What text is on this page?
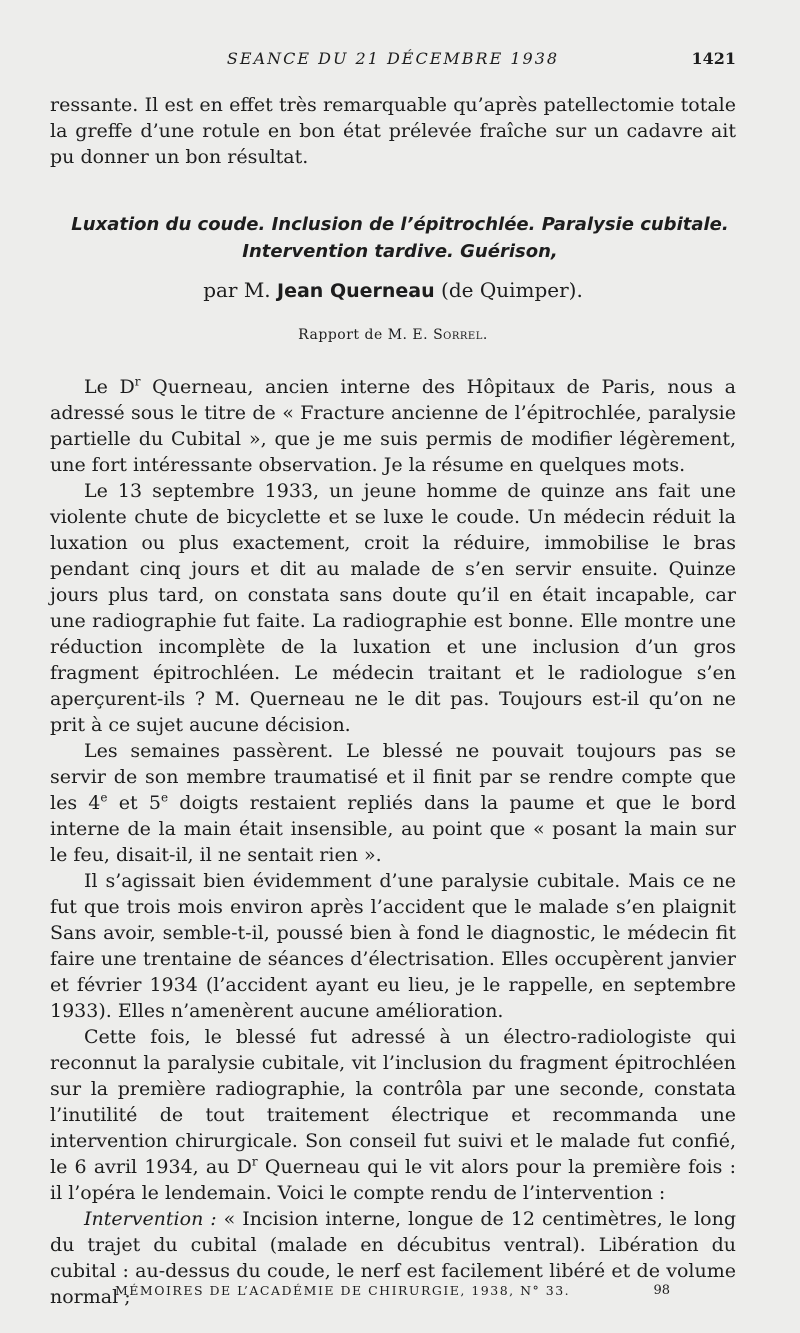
SEANCE DU 21 DÉCEMBRE 1938	1421

ressante. Il est en effet très remarquable qu’après patellectomie totale la greffe d’une rotule en bon état prélevée fraîche sur un cadavre ait pu donner un bon résultat.

Luxation du coude. Inclusion de l’épitrochlée. Paralysie cubitale.
Intervention tardive. Guérison,

par M. Jean Querneau (de Quimper).

Rapport de M. E. Sorrel.

Le $D^r$ Querneau, ancien interne des Hôpitaux de Paris, nous a adressé sous le titre de « Fracture ancienne de l’épitrochlée, paralysie partielle du Cubital », que je me suis permis de modifier légèrement, une fort intéressante observation. Je la résume en quelques mots.

Le 13 septembre 1933, un jeune homme de quinze ans fait une violente chute de bicyclette et se luxe le coude. Un médecin réduit la luxation ou plus exactement, croit la réduire, immobilise le bras pendant cinq jours et dit au malade de s’en servir ensuite. Quinze jours plus tard, on constata sans doute qu’il en était incapable, car une radiographie fut faite. La radiographie est bonne. Elle montre une réduction incomplète de la luxation et une inclusion d’un gros fragment épitrochléen. Le médecin traitant et le radiologue s’en aperçurent-ils ? M. Querneau ne le dit pas. Toujours est-il qu’on ne prit à ce sujet aucune décision.

Les semaines passèrent. Le blessé ne pouvait toujours pas se servir de son membre traumatisé et il finit par se rendre compte que les 4e et 5e doigts restaient repliés dans la paume et que le bord interne de la main était insensible, au point que « posant la main sur le feu, disait-il, il ne sentait rien ».

Il s’agissait bien évidemment d’une paralysie cubitale. Mais ce ne fut que trois mois environ après l’accident que le malade s’en plaignit Sans avoir, semble-t-il, poussé bien à fond le diagnostic, le médecin fit faire une trentaine de séances d’électrisation. Elles occupèrent janvier et février 1934 (l’accident ayant eu lieu, je le rappelle, en septembre 1933). Elles n’amenèrent aucune amélioration.

Cette fois, le blessé fut adressé à un électro-radiologiste qui reconnut la paralysie cubitale, vit l’inclusion du fragment épitrochléen sur la première radiographie, la contrôla par une seconde, constata l’inutilité de tout traitement électrique et recommanda une intervention chirurgicale. Son conseil fut suivi et le malade fut confié, le 6 avril 1934, au $D^r$ Querneau qui le vit alors pour la première fois : il l’opéra le lendemain. Voici le compte rendu de l’intervention :

Intervention : « Incision interne, longue de 12 centimètres, le long du trajet du cubital (malade en décubitus ventral). Libération du cubital : au-dessus du coude, le nerf est facilement libéré et de volume normal ;

MÉMOIRES DE L’ACADÉMIE DE CHIRURGIE, 1938, N° 33.	98
